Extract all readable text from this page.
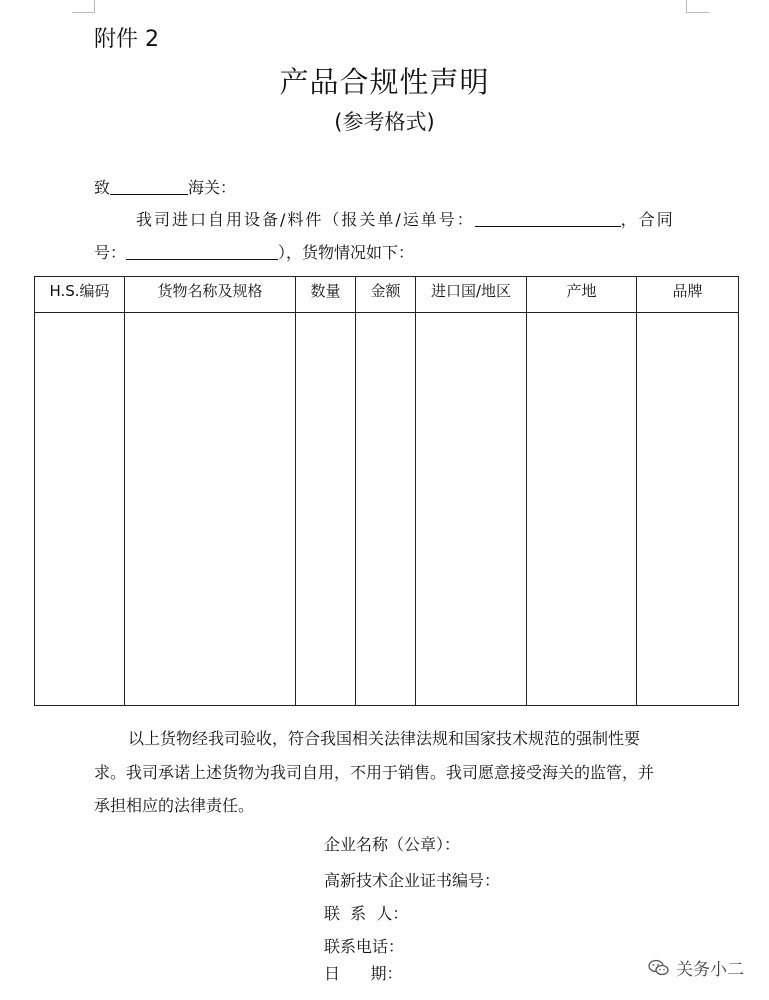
附件 2
产品合规性声明
(参考格式)
致	海关：
我司进口自用设备/料件（报关单/运单号：	，合同
号：	），货物情况如下：
H.S.编码	货物名称及规格	数量	金额	进口国/地区	产地	品牌

以上货物经我司验收，符合我国相关法律法规和国家技术规范的强制性要
求。我司承诺上述货物为我司自用，不用于销售。我司愿意接受海关的监管，并
承担相应的法律责任。
企业名称（公章）：
高新技术企业证书编号：
联  系  人：
联系电话：
日      期：	关务小二
